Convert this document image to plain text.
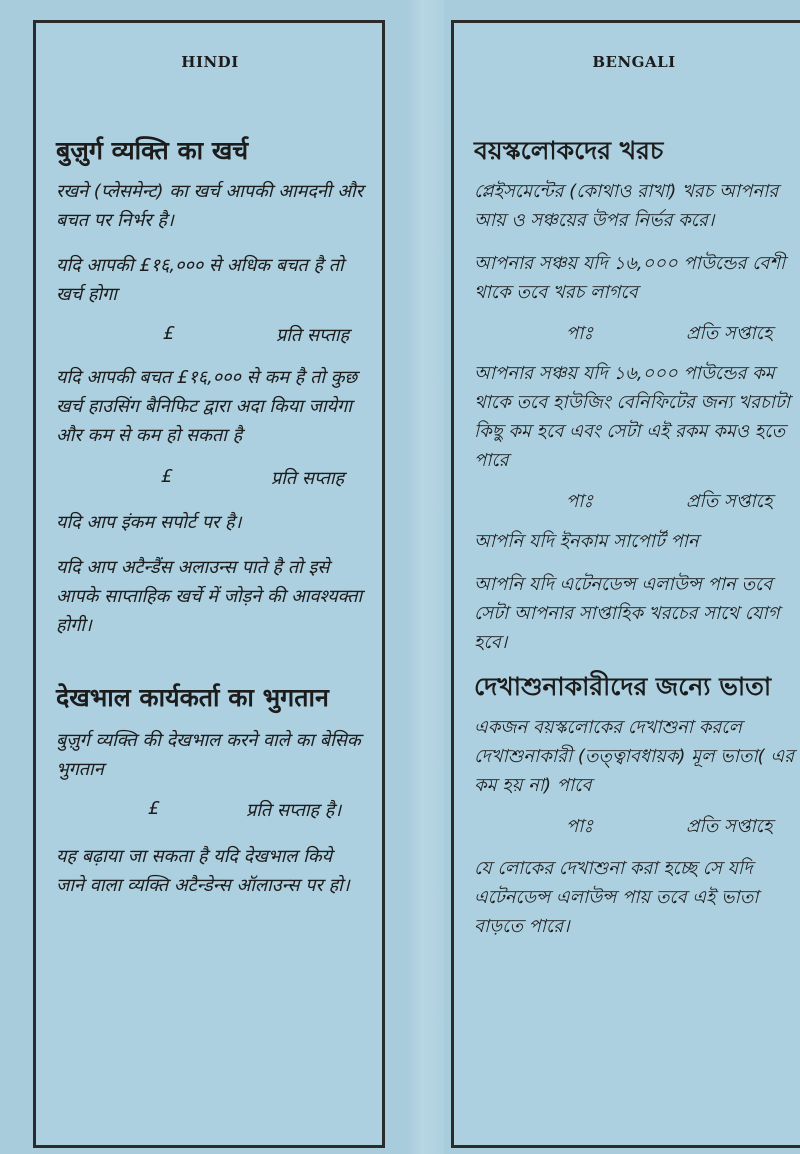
HINDI
बुज़ुर्ग व्यक्ति का खर्च

रखने (प्लेसमेन्ट) का खर्च आपकी आमदनी और बचत पर निर्भर है।

यदि आपकी £१६,००० से अधिक बचत है तो खर्च होगा

£	प्रति सप्ताह

यदि आपकी बचत £१६,००० से कम है तो कुछ खर्च हाउसिंग बैनिफिट द्वारा अदा किया जायेगा और कम से कम हो सकता है

£	प्रति सप्ताह

यदि आप इंकम सपोर्ट पर है।

यदि आप अटैन्डैंस अलाउन्स पाते है तो इसे आपके साप्ताहिक खर्चे में जोड़ने की आवश्यक्ता होगी।

देखभाल कार्यकर्ता का भुगतान

बुज़ुर्ग व्यक्ति की देखभाल करने वाले का बेसिक भुगतान

£	प्रति सप्ताह है।

यह बढ़ाया जा सकता है यदि देखभाल किये जाने वाला व्यक्ति अटैन्डेन्स ऑलाउन्स पर हो।

BENGALI
বয়স্কলোকদের খরচ

প্লেইসমেন্টের (কোথাও রাখা) খরচ আপনার আয় ও সঞ্চয়ের উপর নির্ভর করে।

আপনার সঞ্চয় যদি ১৬,০০০ পাউন্ডের বেশী থাকে তবে খরচ লাগবে

পাঃ	প্রতি সপ্তাহে

আপনার সঞ্চয় যদি ১৬,০০০ পাউন্ডের কম থাকে তবে হাউজিং বেনিফিটের জন্য খরচাটা কিছু কম হবে এবং সেটা এই রকম কমও হতে পারে

পাঃ	প্রতি সপ্তাহে

আপনি যদি ইনকাম সাপোর্ট পান

আপনি যদি এটেনডেন্স এলাউন্স পান তবে সেটা আপনার সাপ্তাহিক খরচের সাথে যোগ হবে।

দেখাশুনাকারীদের জন্যে ভাতা

একজন বয়স্কলোকের দেখাশুনা করলে দেখাশুনাকারী (তত্ত্বাবধায়ক) মূল ভাতা( এর কম হয় না) পাবে

পাঃ	প্রতি সপ্তাহে

যে লোকের দেখাশুনা করা হচ্ছে সে যদি এটেনডেন্স এলাউন্স পায় তবে এই ভাতা বাড়তে পারে।
